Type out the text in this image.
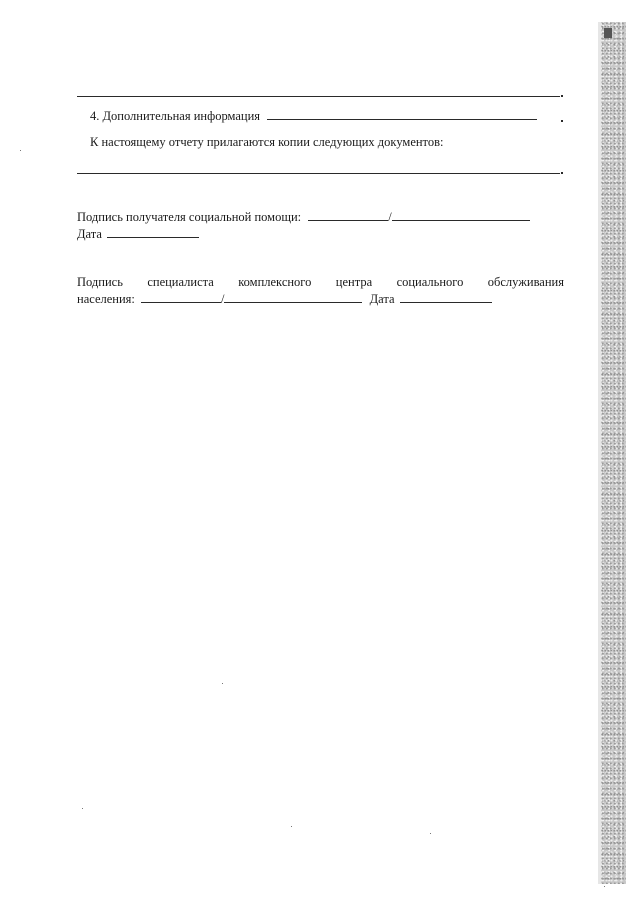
4. Дополнительная информация
К настоящему отчету прилагаются копии следующих документов:
Подпись получателя социальной помощи:	/
Дата
Подпись специалиста комплексного центра социального обслуживания
населения:	/	Дата
